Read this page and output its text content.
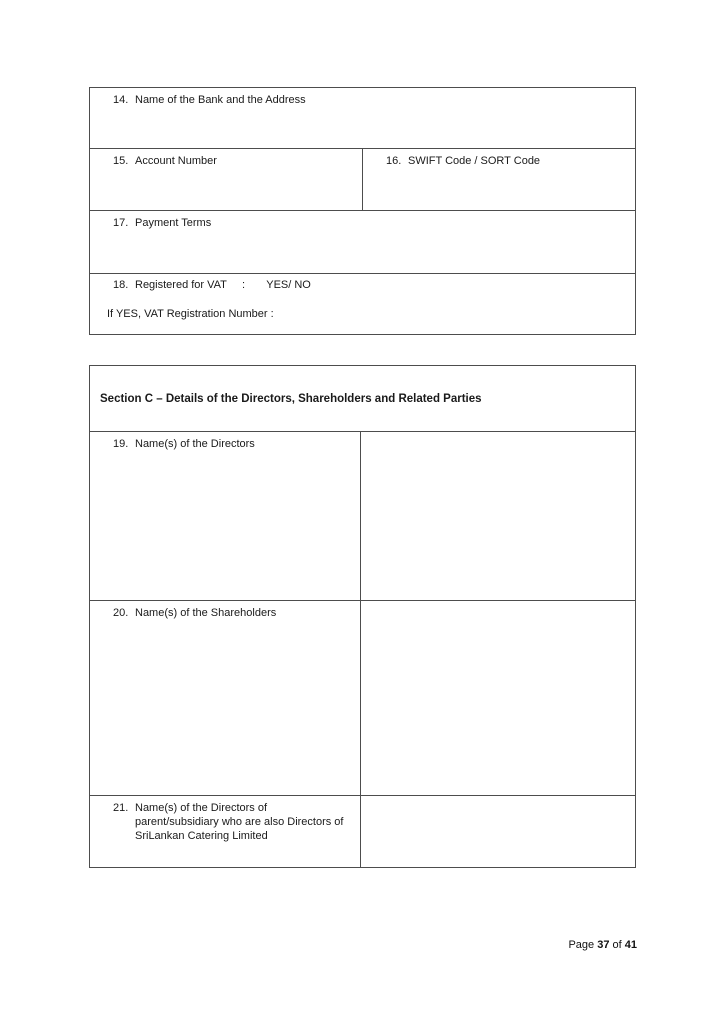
14. Name of the Bank and the Address
15. Account Number	16. SWIFT Code / SORT Code
17. Payment Terms
18. Registered for VAT     :       YES/ NO
If YES, VAT Registration Number :
Section C – Details of the Directors, Shareholders and Related Parties
19. Name(s) of the Directors
20. Name(s) of the Shareholders
21. Name(s) of the Directors of parent/subsidiary who are also Directors of SriLankan Catering Limited
Page 37 of 41
